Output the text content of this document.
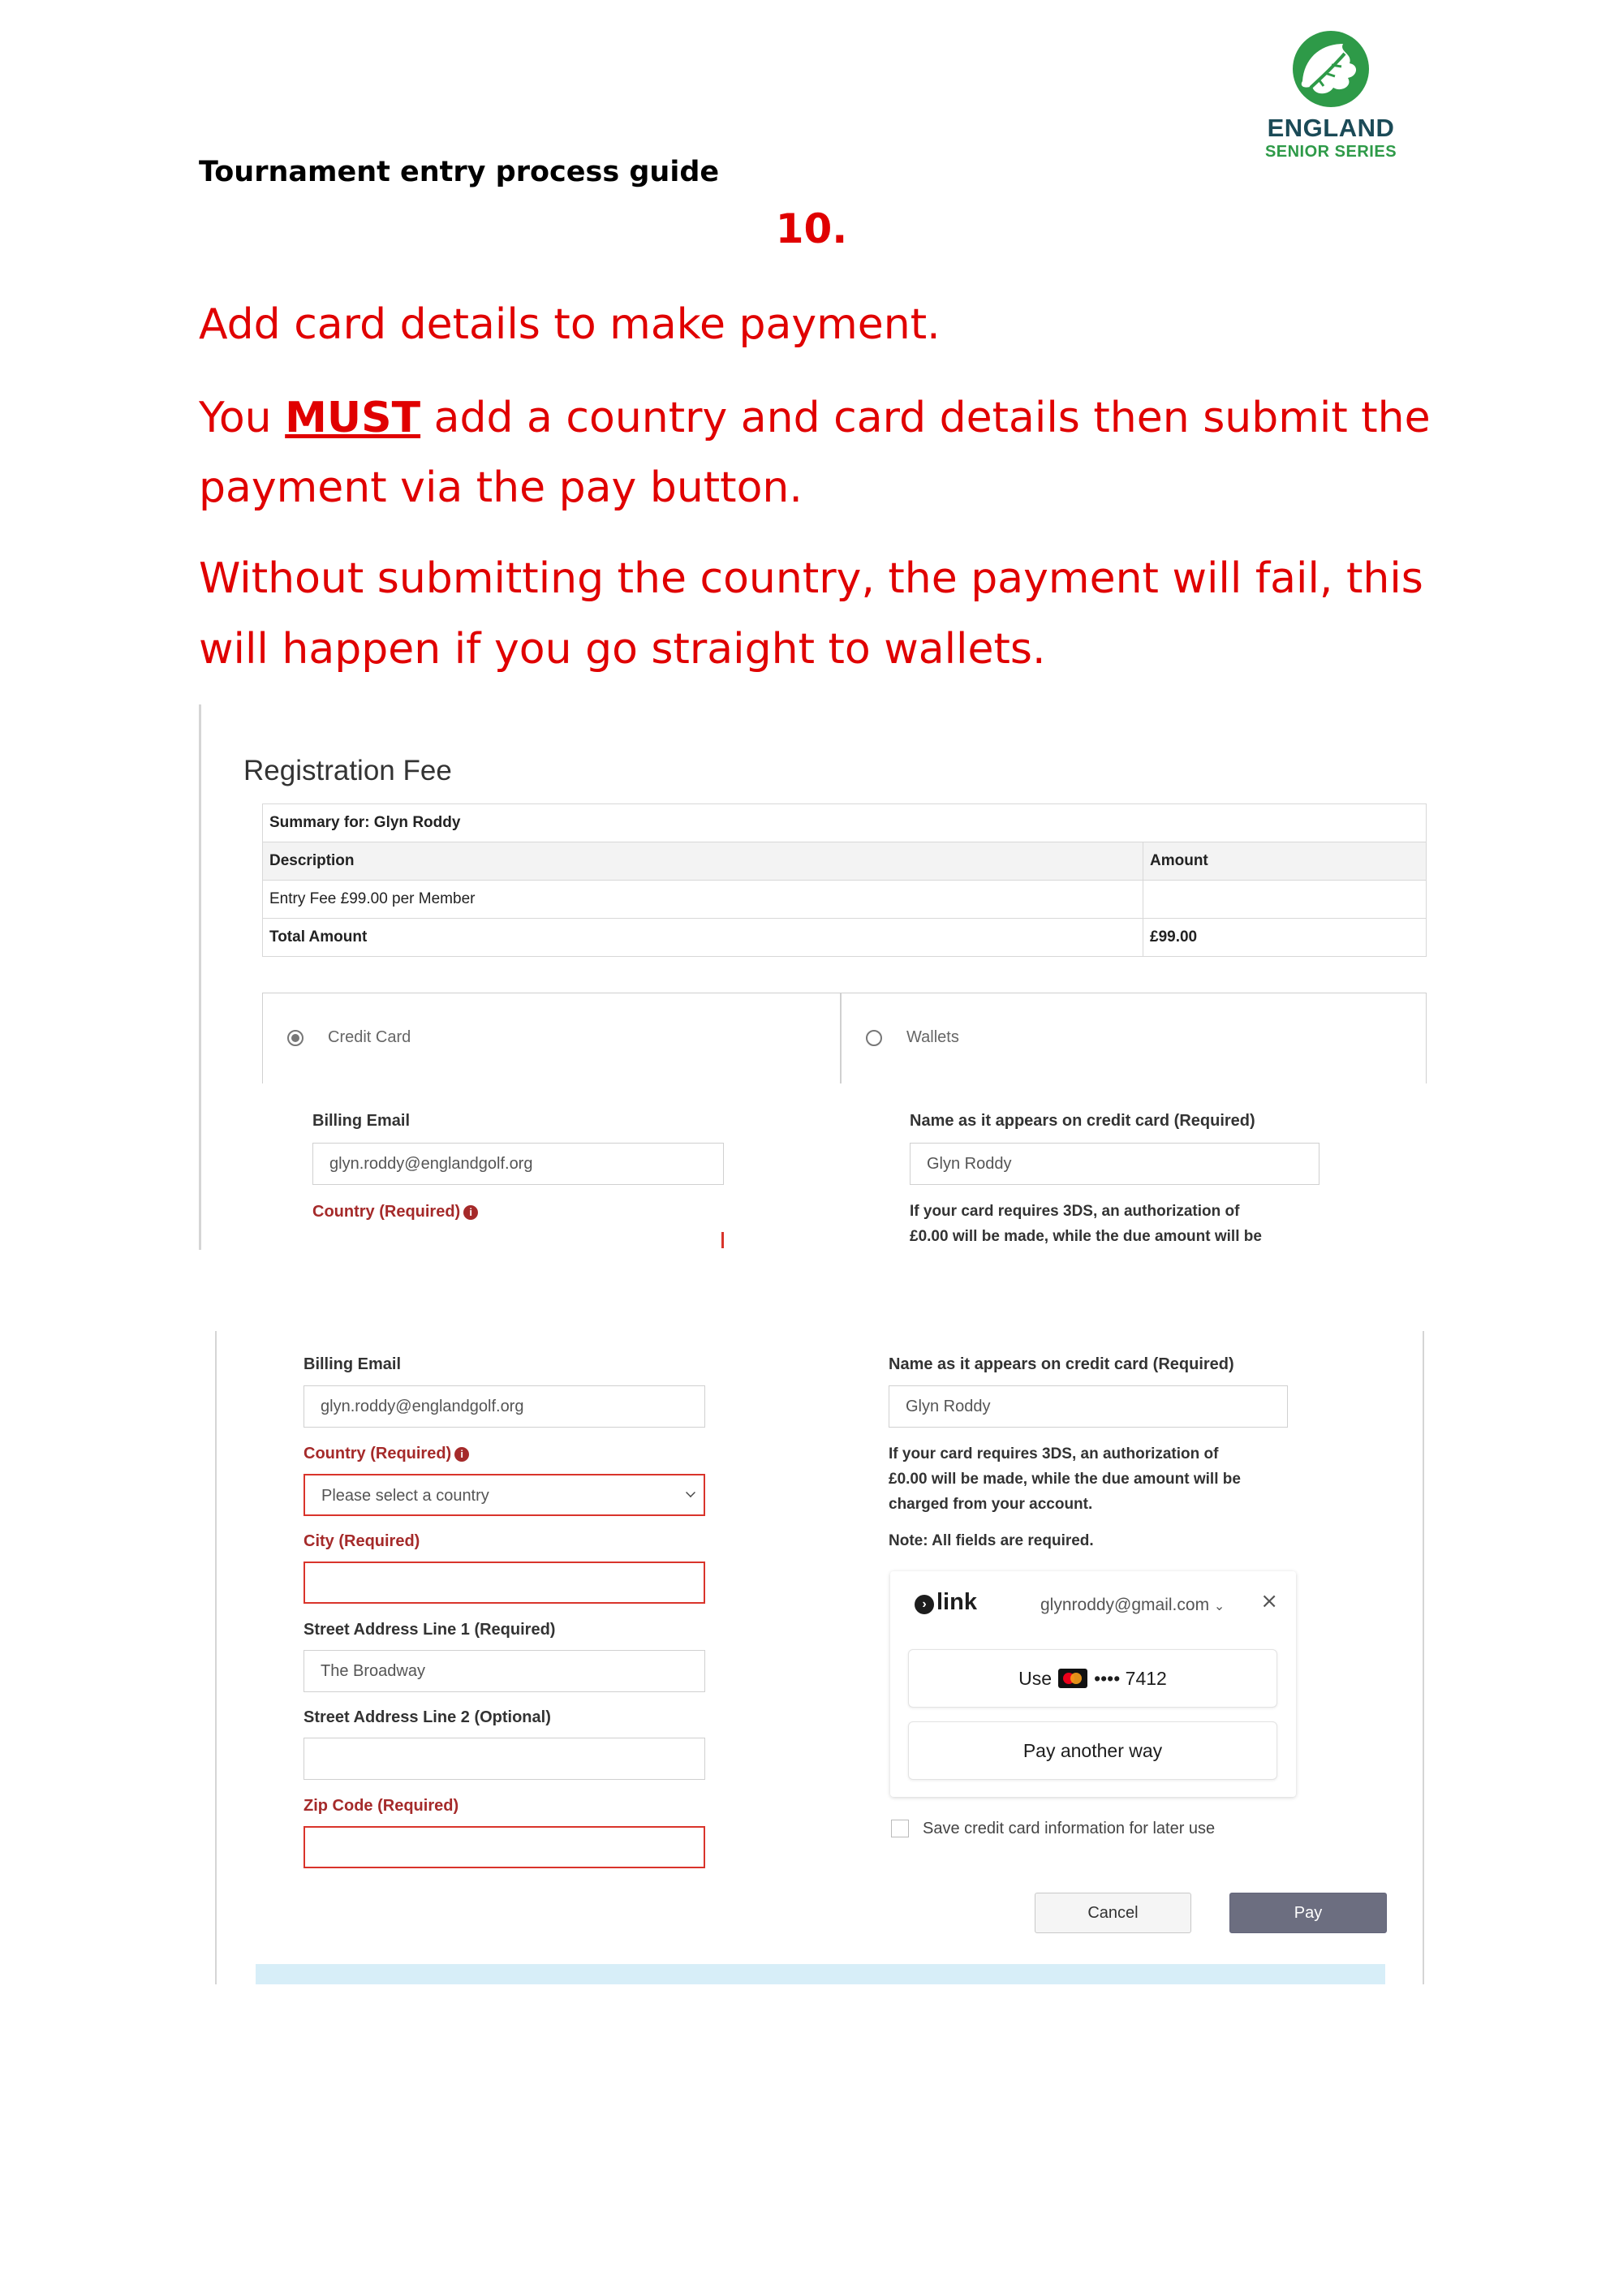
ENGLAND
SENIOR SERIES
Tournament entry process guide
10.
Add card details to make payment.
You MUST add a country and card details then submit the
payment via the pay button.
Without submitting the country, the payment will fail, this
will happen if you go straight to wallets.
Registration Fee
Summary for: Glyn Roddy	
Description	Amount
Entry Fee £99.00 per Member	
Total Amount	£99.00
Credit Card	Wallets
Billing Email
glyn.roddy@englandgolf.org
Country (Required) i
Name as it appears on credit card (Required)
Glyn Roddy
If your card requires 3DS, an authorization of
£0.00 will be made, while the due amount will be
Billing Email
glyn.roddy@englandgolf.org
Country (Required) i
Please select a country
City (Required)
Street Address Line 1 (Required)
The Broadway
Street Address Line 2 (Optional)
Zip Code (Required)
Name as it appears on credit card (Required)
Glyn Roddy
If your card requires 3DS, an authorization of
£0.00 will be made, while the due amount will be
charged from your account.
Note: All fields are required.
› link	glynroddy@gmail.com ⌄ ×
Use •••• 7412
Pay another way
Save credit card information for later use
Cancel	Pay
